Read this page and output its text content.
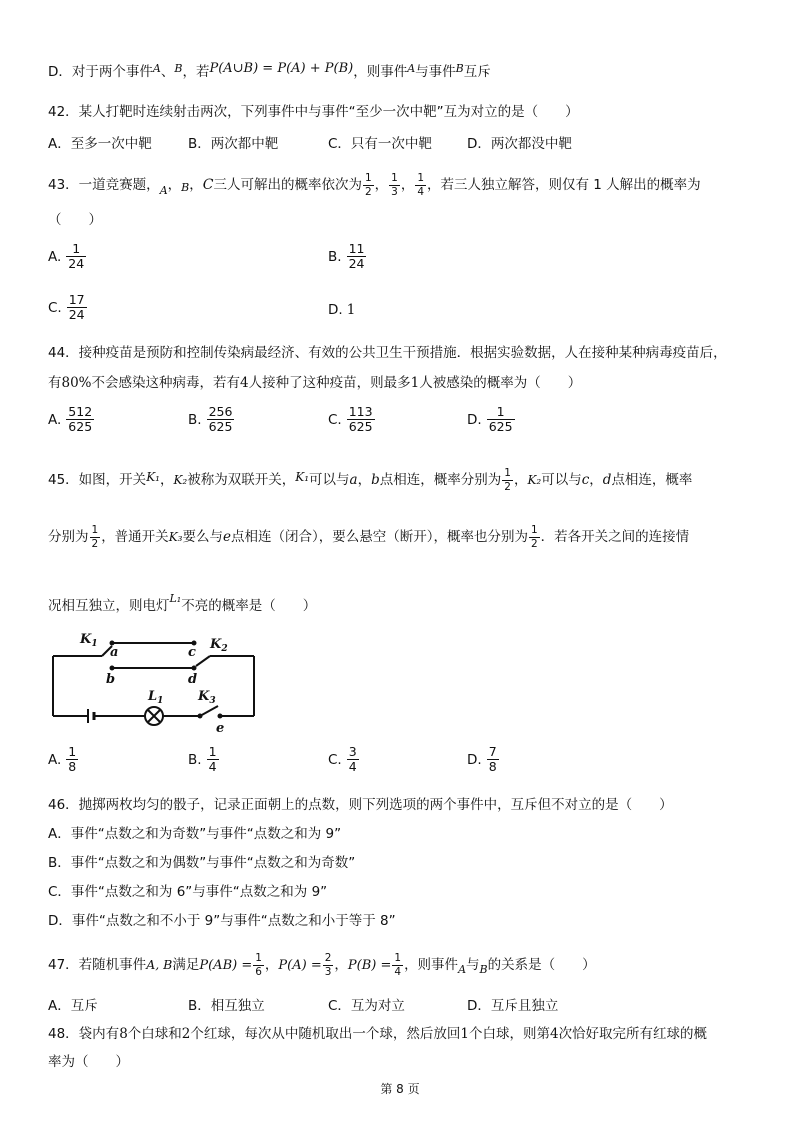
D．对于两个事件$^A$、$^B$，若P(A∪B) = P(A) + P(B)，则事件$^A$与事件$^B$互斥
42．某人打靶时连续射击两次，下列事件中与事件“至少一次中靶”互为对立的是（　　）
A．至多一次中靶	B．两次都中靶	C．只有一次中靶	D．两次都没中靶
43．一道竞赛题，$_A$，B，C三人可解出的概率依次为 $\frac{1}{2}$ ， $\frac{1}{3}$ ， $\frac{1}{4}$ ，若三人独立解答，则仅有 1 人解出的概率为
（　　）
A. $\frac{1}{24}$	B. $\frac{11}{24}$
C. $\frac{17}{24}$	D. 1
44．接种疫苗是预防和控制传染病最经济、有效的公共卫生干预措施．根据实验数据，人在接种某种病毒疫苗后，
有80%不会感染这种病毒，若有4人接种了这种疫苗，则最多1人被感染的概率为（　　）
A. $\frac{512}{625}$	B. $\frac{256}{625}$	C. $\frac{113}{625}$	D. $\frac{1}{625}$
45．如图，开关K₁，K₂被称为双联开关，K₁可以与a，b点相连，概率分别为 $\frac{1}{2}$ ，K₂可以与c，d点相连，概率
分别为 $\frac{1}{2}$ ，普通开关K₃要么与e点相连（闭合），要么悬空（断开），概率也分别为 $\frac{1}{2}$ ．若各开关之间的连接情
况相互独立，则电灯$^{L_1}$不亮的概率是（　　）
$K_1$
a	c
$K_2$
b	d
$L_1$	$K_3$
e
A. $\frac{1}{8}$	B. $\frac{1}{4}$	C. $\frac{3}{4}$	D. $\frac{7}{8}$
46．抛掷两枚均匀的骰子，记录正面朝上的点数，则下列选项的两个事件中，互斥但不对立的是（　　）
A．事件“点数之和为奇数”与事件“点数之和为 9”
B．事件“点数之和为偶数”与事件“点数之和为奇数”
C．事件“点数之和为 6”与事件“点数之和为 9”
D．事件“点数之和不小于 9”与事件“点数之和小于等于 8”
47．若随机事件A, B满足$P(AB) = \frac{1}{6}$ ，$P(A) = \frac{2}{3}$ ，$P(B) = \frac{1}{4}$ ，则事件$_A$与$_B$的关系是（　　）
A．互斥	B．相互独立	C．互为对立	D．互斥且独立
48．袋内有8个白球和2个红球，每次从中随机取出一个球，然后放回1个白球，则第4次恰好取完所有红球的概
率为（　　）
第 8 页
